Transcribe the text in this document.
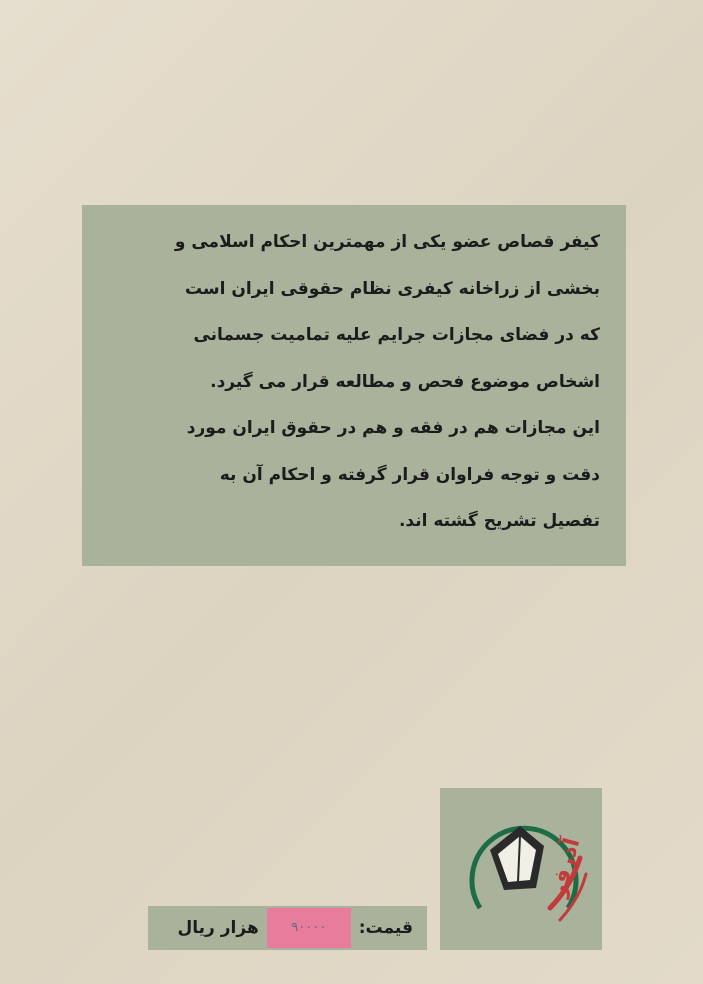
کیفر قصاص عضو یکی از مهمترین احکام اسلامی و

بخشی از زراخانه کیفری نظام حقوقی ایران است

که در فضای مجازات جرایم علیه تمامیت جسمانی

اشخاص موضوع فحص و مطالعه قرار می گیرد.

این مجازات هم در فقه و هم در حقوق ایران مورد

دقت و توجه فراوان قرار گرفته و احکام آن به

تفصیل تشریح گشته اند.

آذرفر
قیمت:
۹۰۰۰۰
هزار ریال
